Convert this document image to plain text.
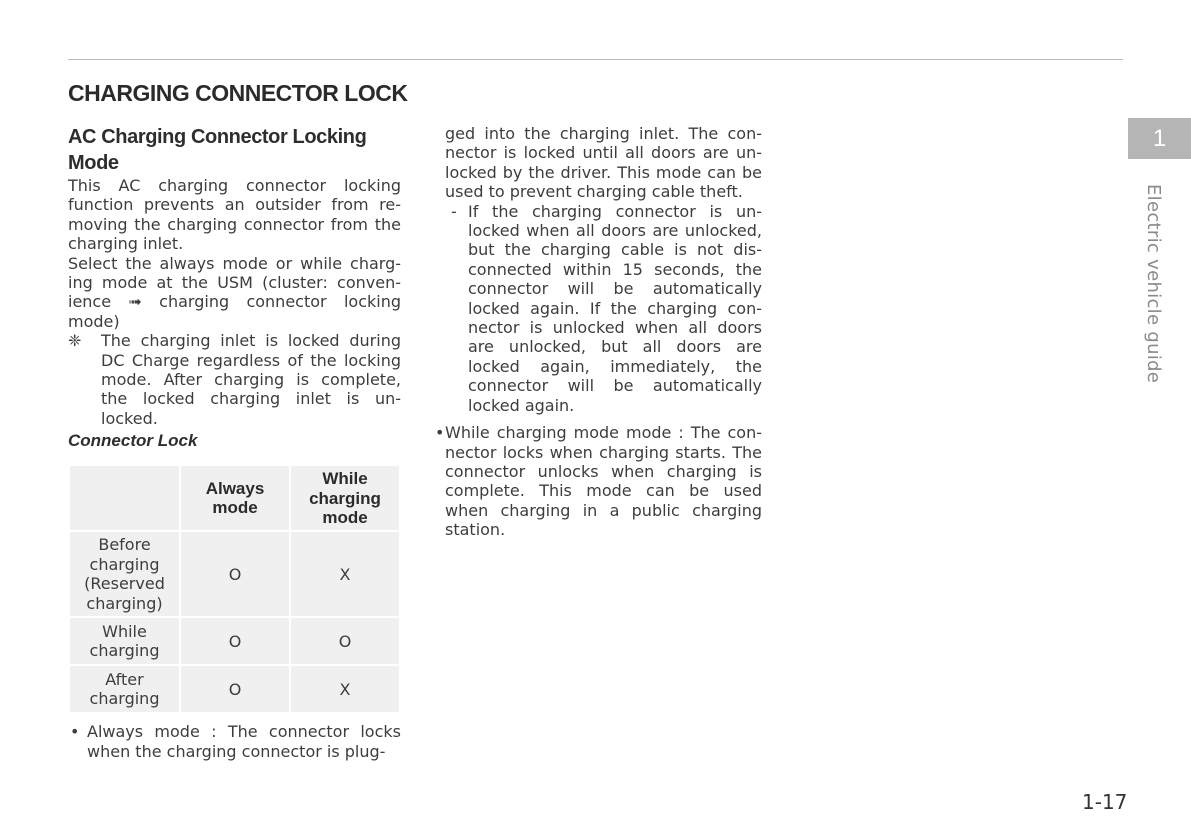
CHARGING CONNECTOR LOCK
AC Charging Connector Locking Mode

This AC charging connector locking function prevents an outsider from re-moving the charging connector from the charging inlet.

Select the always mode or while charg-ing mode at the USM (cluster: conven-ience ➟ charging connector locking mode)

❈	The charging inlet is locked during DC Charge regardless of the locking mode. After charging is complete, the locked charging inlet is un-locked.
Connector Lock
	Always mode	While charging mode
Before charging (Reserved charging)	O	X
While charging	O	O
After charging	O	X
• Always mode : The connector locks when the charging connector is plug-

ged into the charging inlet. The con-nector is locked until all doors are un-locked by the driver. This mode can be used to prevent charging cable theft.

- If the charging connector is un-locked when all doors are unlocked, but the charging cable is not dis-connected within 15 seconds, the connector will be automatically locked again. If the charging con-nector is unlocked when all doors are unlocked, but all doors are locked again, immediately, the connector will be automatically locked again.
• While charging mode mode : The con-nector locks when charging starts. The connector unlocks when charging is complete. This mode can be used when charging in a public charging station.
1
Electric vehicle guide
1-17
